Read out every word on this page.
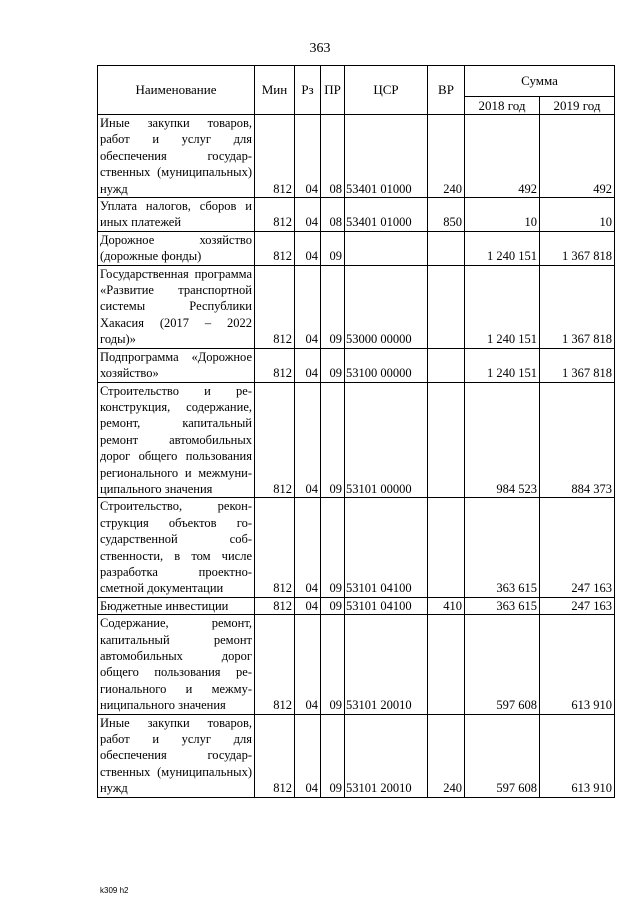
363
Наименование	Мин	Рз	ПР	ЦСР	ВР	Сумма	
						2018 год	2019 год
Иные закупки товаров, работ и услуг для обеспечения государственных (муниципальных) нужд	812	04	08	53401 01000	240	492	492
Уплата налогов, сборов и иных платежей	812	04	08	53401 01000	850	10	10
Дорожное хозяйство (дорожные фонды)	812	04	09			1 240 151	1 367 818
Государственная программа «Развитие транспортной системы Республики Хакасия (2017 – 2022 годы)»	812	04	09	53000 00000		1 240 151	1 367 818
Подпрограмма «Дорожное хозяйство»	812	04	09	53100 00000		1 240 151	1 367 818
Строительство и реконструкция, содержание, ремонт, капитальный ремонт автомобильных дорог общего пользования регионального и межмуниципального значения	812	04	09	53101 00000		984 523	884 373
Строительство, реконструкция объектов государственной собственности, в том числе разработка проектно-сметной документации	812	04	09	53101 04100		363 615	247 163
Бюджетные инвестиции	812	04	09	53101 04100	410	363 615	247 163
Содержание, ремонт, капитальный ремонт автомобильных дорог общего пользования регионального и межмуниципального значения	812	04	09	53101 20010		597 608	613 910
Иные закупки товаров, работ и услуг для обеспечения государственных (муниципальных) нужд	812	04	09	53101 20010	240	597 608	613 910
k309 h2
